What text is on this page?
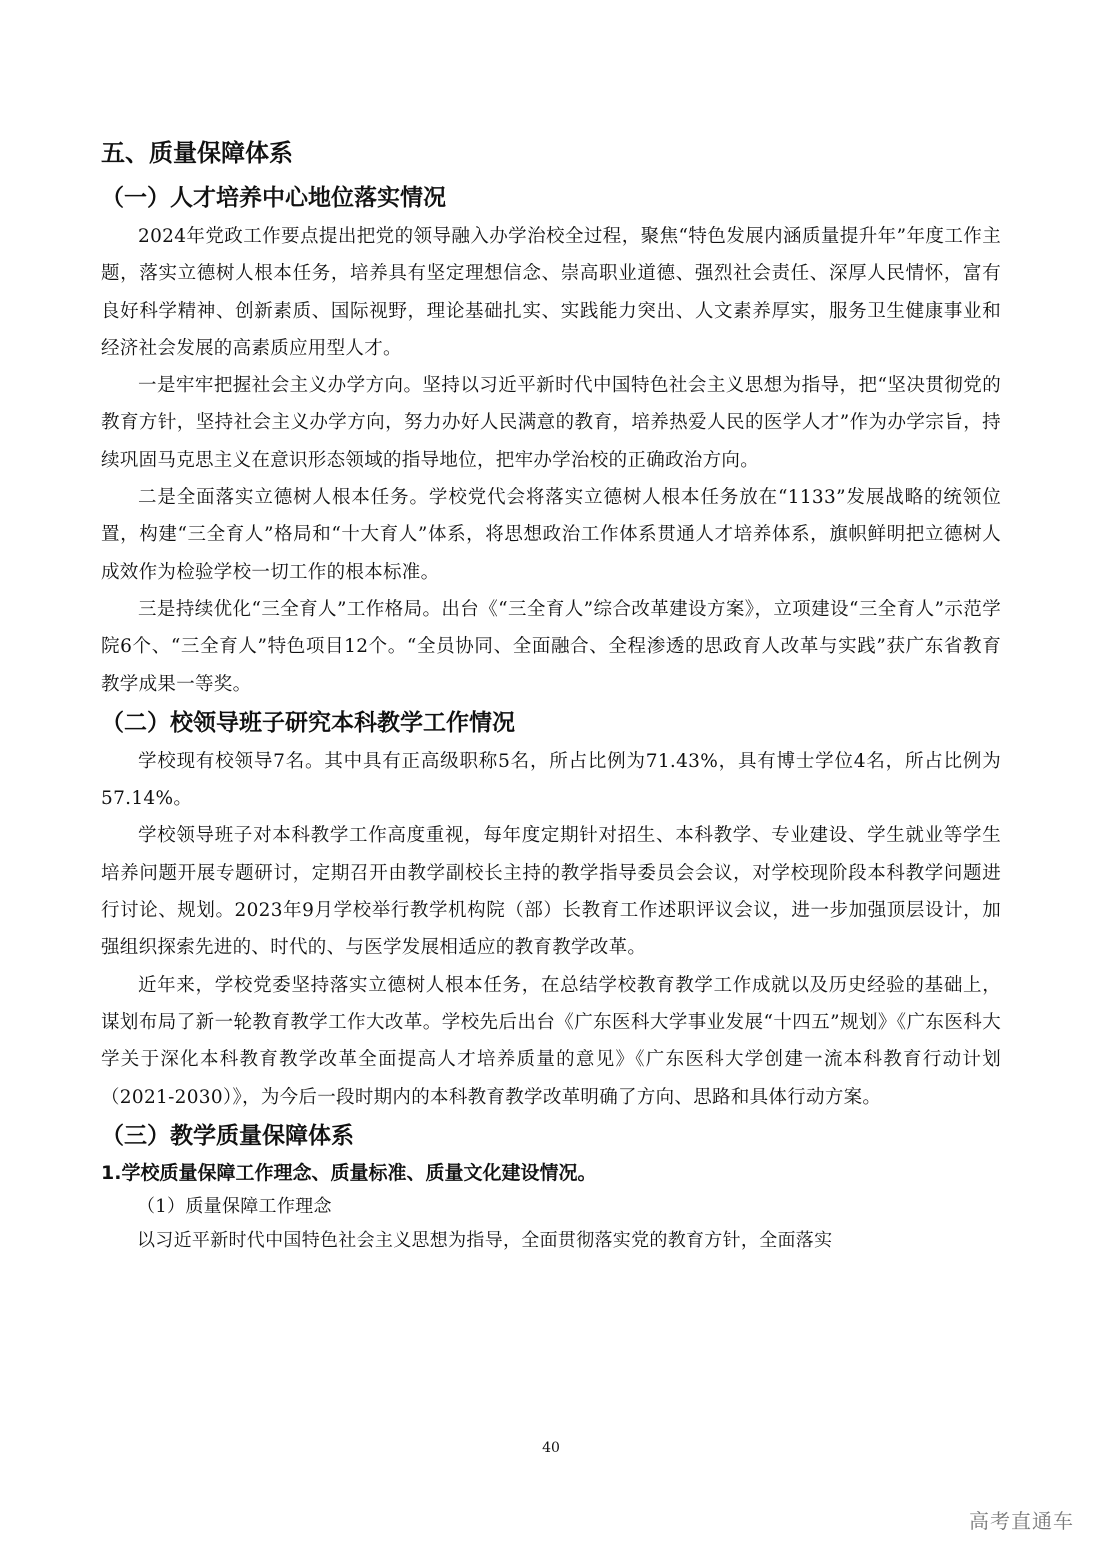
五、质量保障体系
（一）人才培养中心地位落实情况

2024年党政工作要点提出把党的领导融入办学治校全过程，聚焦“特色发展内涵质量提升年”年度工作主题，落实立德树人根本任务，培养具有坚定理想信念、崇高职业道德、强烈社会责任、深厚人民情怀，富有良好科学精神、创新素质、国际视野，理论基础扎实、实践能力突出、人文素养厚实，服务卫生健康事业和经济社会发展的高素质应用型人才。

一是牢牢把握社会主义办学方向。坚持以习近平新时代中国特色社会主义思想为指导，把“坚决贯彻党的教育方针，坚持社会主义办学方向，努力办好人民满意的教育，培养热爱人民的医学人才”作为办学宗旨，持续巩固马克思主义在意识形态领域的指导地位，把牢办学治校的正确政治方向。

二是全面落实立德树人根本任务。学校党代会将落实立德树人根本任务放在“1133”发展战略的统领位置，构建“三全育人”格局和“十大育人”体系，将思想政治工作体系贯通人才培养体系，旗帜鲜明把立德树人成效作为检验学校一切工作的根本标准。

三是持续优化“三全育人”工作格局。出台《“三全育人”综合改革建设方案》，立项建设“三全育人”示范学院6个、“三全育人”特色项目12个。“全员协同、全面融合、全程渗透的思政育人改革与实践”获广东省教育教学成果一等奖。

（二）校领导班子研究本科教学工作情况

学校现有校领导7名。其中具有正高级职称5名，所占比例为71.43%，具有博士学位4名，所占比例为57.14%。

学校领导班子对本科教学工作高度重视，每年度定期针对招生、本科教学、专业建设、学生就业等学生培养问题开展专题研讨，定期召开由教学副校长主持的教学指导委员会会议，对学校现阶段本科教学问题进行讨论、规划。2023年9月学校举行教学机构院（部）长教育工作述职评议会议，进一步加强顶层设计，加强组织探索先进的、时代的、与医学发展相适应的教育教学改革。

近年来，学校党委坚持落实立德树人根本任务，在总结学校教育教学工作成就以及历史经验的基础上，谋划布局了新一轮教育教学工作大改革。学校先后出台《广东医科大学事业发展“十四五”规划》《广东医科大学关于深化本科教育教学改革全面提高人才培养质量的意见》《广东医科大学创建一流本科教育行动计划（2021-2030）》，为今后一段时期内的本科教育教学改革明确了方向、思路和具体行动方案。

（三）教学质量保障体系
1.学校质量保障工作理念、质量标准、质量文化建设情况。

（1）质量保障工作理念

以习近平新时代中国特色社会主义思想为指导，全面贯彻落实党的教育方针，全面落实

40
高考直通车
